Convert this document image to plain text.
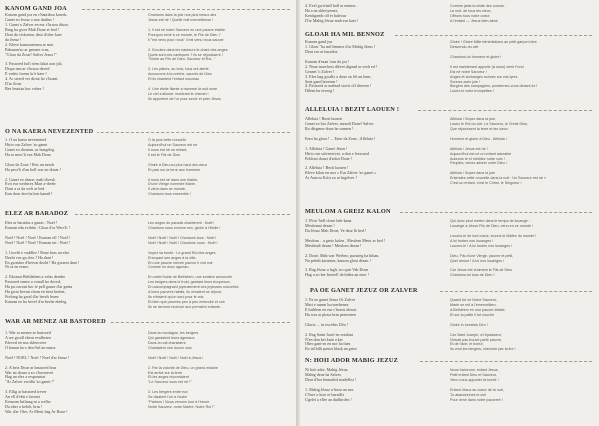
KANOM GAND JOA
Kanom gand joa en c'hantikou karrek,
Ganet eo Jezuz o noz dudius !
1. Ganet o Zalver en eur c'hraou distro,
Brug ha gwer Mab Doue er bed !
Deut da viskoenn, deut d'ober kaer
da Jezuz !
2. Kleve kanaouennou ar mor
Pabanan'zo ar gennez vraz,
"Gloar da Zoue! Salver Jezus !"
3. Pastored holl n'em lakat aon jizl,
Dispa nan ar c'hraou daved
E vedeo lwenn kr'e kaer !
4. Ar stered ver diout ho c'hoant.
D'ar Zoue
Bez leuniaz hor vuhez !
Chantons dans la joie nos plus beaux airs
Jésus est né ! Quelle nuit merveilleuse !
1. Il est né notre Sauveur en une pauvre étable.
Pourquoi venir à ce monde, le Fils de Dieu ?
Il "est venu pour nous" il est venu nous sauver.
2. Ecoutez dans les hauteurs le chant des anges
Quels sont ces cantiques ? ils se réjouissent !
"Gloire au Fils de Dieu, Sauveur et Roi..."
3. Les pâtres, au bois, tous ont alerté
Accourons à la crèche, sauvés de Dieu
Et ils chantent l'enfant nouveau
4. Une étoile filante a traversé la nuit noire
Le ciel s'allume: montrant le chemin !
Ils apportent de l'or pour servir et prier Jésus
O NA KAERA NEVEZENTED
1. O na kaera nevezented
Hirio our Zalver 'zo ganet
Ganet eo dioutan, ur huegeleg
Ha ar merc'h eus Mab Doue
Gloar da Zoue ! Bris an nerzh
Ha peoc'h d'an holl war an douar !
2. Ganet eo abaoe, mab divesk
Evit eur werhtrez Mari a-dreñv
Dont a ra da welt ar bed
Kan dour don ha ken kanañ !
O la plus belle nouvelle
Aujourd'hui un Sauveur est né
Il nous est né un enfant,
Il est le Fils de Dieu
Gloire à Dieu au plus haut des cieux
Et paix sur la terre aux hommes
Il nous est né dans une étable,
D'une Vierge nommée Marie.
Il vient dans ce monde,
Chantons tous ensemble !
ELEZ AR BARADOZ
Elez ar baradoz a ganas : Noel !
Kanom eda evihân : Gloar d'ar Werc'h !
Noel ! Noel ! Noel ! Kanom oll ! Noel !
Noel ! Noel ! Noel ! Kanom ini : Noel !
1. Gwelit e vaddlez ! Roue bras an elez
Dezhi vez gu elez ? Ha dant !
En gwasker d'hervat dezhi ! Ha gwarnt dant !
Ni ra en esaeo.
2. Ekonou Bethlehem a velas dender
Pastored ennez o vonall ho deved,
Ha pa ouvont hor fe pell ganze d'ar genta
Ha gwar bevan chom en hent hezhet,
Frelong ha gwal d'ar berzh leuen
Kanom eo ho hevel d'ar bezhe ebeleg.
Les anges du paradis chantèrent : Noël !
Chantons nous comme eux, gloire à l'étoile !
Noël ! Noël ! Noël ! Chantons tous : Noël !
Noël ! Noël ! Noël ! Chantons nous : Noël !
Voyez sa bonté : Le grand Roi des anges
Envoyant ses anges à la ville,
En une pauvre crèche pauvre il vint voir
Comme un doux agneau.
En cette froide de Bethléem, une lumière annoncée
Les bergers dans le froid, gardant leurs troupeaux,
En accompagnant joyeusement ces joyeuses nouvelles
A leurs pauvres habits, ils venaient se réjouir,
Ils n'étaient qu'un seul pour le voir,
Et bien que pauvres peu à peu entendre et voir
Ils ne devront recevoir aux premiers enfants.
WAR AR MENEZ AR BASTORED
1. War ar menez ar bastored
A ree gwall ebeur evalbeten
Kleved en nos skleroveer
O kanan ha o derc'hel an ennor
Noel ! NOEL ! Noel ! Noel d'ar Jezuz !
2. A beiz Doue ar bastored bras
War an douar a zo c'havonvet
Hag an elez a respountat
"Ar Zalver ewidhi 'zo ganet !"
3. Ellig ar bastored trever
An ell d'ebit e lavaret
Kenzom brilmag ni a welho
Da ober o keloh, bras !
War d'ar Ofer, Ar Mertr bag Ar Roue !
Dans la montagne, les bergers
Qui gardaient leurs agneaux,
Dans la nuit chantaient
Chantaient une douce voix.
Noël ! Noël ! Noël ! Noël à Jésus !
2. Par la volonté de Dieu, un grand miracle
Est arrivé sur la terre
Et les anges répondaient
"Le Sauveur vous est né !"
3. Les bergers entre eux
Se disaient l'un à l'autre
"Partons ! Nous verrons tout à l'heure
Notre Sauveur, notre Maître, Notre Roi !"
4. Evel gwichall holl ar menou.
Ha a ne skleriyenez,
Kenitgomb oll er baleour
D'ar Mabig Jézuz mab eur kaer !
Comme jadis la visite des coeurs.
La nuit, de tous les cieux,
Offrons tous notre coeur
A l'enfant — Jésus bien-aimé.
GLOAR HA MIL BENNOZ
Kanom gand joa
1. Gloar "ha mil bennoz d'ar Mabig Jézus !
Deut eur ar baradoz
Kanom d'ezan 'oan da joa !
2. Neuz marchost dièvet digand ar vezh ed !
Geanet 'o Zalver !
3. Elez hag gwallz a doue zo fêt an lenn ,
Sont gand laveenn !
4. Pastored ar melzad stovit oll direzen !
Dilent hu teveeg !
Gloire ! Gloire Mille bénédictions au petit garçon béni
Descendu du ciel
Chantons-lui honneur et gloire !
Il est maintenant apporté (à nous) venir Fond
Est né notre Sauveur !
Anges et archanges sonnez sur vos lyres
Sonnez avec joie !
Bergers des campagnes, prosternez-vous devant lui !
Louez-le votre trompettes !
ALLELUIA ! BEZIT LAOUEN !
Alleluia ! Bezit laouen
Ganet eo hor Zalver, mezult Doue! Salver.
Ra dèigeme doue he sonnen ! .
Enot ha gloar ! ... Enor da Zoue , Alleluia !
1. Alleluia ! Ganet Jézus !
Hirio our salvenivvet, a don e leveraod
Poblont donzi d'adiot Doue !
2. Alleluia ! Bezit laouen !
Kleve kilon en noz « Eur Zalver 'zo ganet »
Ar Autrou Krist zo ar lugelver !
Alléluia ! Soyez dans la joie,
Louez le Roi du ciel. Le Sauveur, le Christ Dieu,
Que réjouissent la terre et les cieux
Honneur et gloire à Dieu , Alléluia !
Alléluia ! Jésus est né !
Aujourd'hui est né un enfant adorable
Adorons le et méditez notre voix !
Peuples, venez adorer votre Dieu !
Alléluia ! Soyez dans la joie
Entendez cette nouvelle dans la nuit : Un Sauveur est né »
C'est un enfant, c'est le Christ, le Seigneur !
MEULOM A GREIZ KALON
1. Flow 'bell clone beh-kana
Meulomai dezan !
Da Jézuz Mab Doue, Ve deur & bed !
Meulom .. a greiz kalon , Meulom Mestr ar bed !
Meuleudi dezan ! Meulom dezan !
2. Doué, Mab war Werbez, paoureg ha bihan,
Na pebeh karantez, kanom gloat dezan !
3. Rag Jézuz a laglt, tro quir Vab Doue
Hag a zo ker berred! de bidez an enor !
Qui donc peut mettre dans le temps de louange :
Louange à Jésus Fils de Dieu, venu en ce monde !
Louons-le de tout coeur, louons le Maître du monde !
A lui toutes nos louanges !
Louons-le ! A lui toutes nos louanges !
Dieu, Fils d'une Vierge, pauvre et petit,
Quel amour ! A lui nos louanges !
Car Jésus est vraiment le Fils de Dieu
Chantons-lui tous de Dieu !
PA OE GANET JEZUZ OR ZALVER
1. Pa oe ganet Jezuz Or Zalver
Mari e ramm hu merhenez
E brihlem en eur c'hraou diourt.
Ha war ar plouz bras penvenen
Glorix ... in excelsis Déo !
2. Rag Saint Josef en ortalant
N'en don ket kant a ker
Ober gant-ez en nor ha tùez
En tal bilh pastor klask an griez
Quand fut né Notre Sauveur,
Marie se mit à l'émerveillem.
A Bethléem en une pauvre étable,
Et sur la paille Il fut couché
Gloire in excelsis Déo !
Car Saint Joseph, à l'épaisseur,
N'avait pas trouvé partir pauvre,
Et de l'âne, le boeuf,
Ils vont les bergers, chercher par la lire !
N: HOII ADOR MABIG JEZUZ
Ni hoii ador, Mabig Jézuz,
Mabig deuz ha Salver,
Deut d'hor hemailed madellez !
1. Mabig Jézuz o-keza an nos
C'hwe o kiez er baradhi
Ugelet a eller an dudhirdez !
Nous t'adorons, enfant Jésus,
Petit enfant Dieu et Sauveur,
Venu nous apporter ta bonté !
Enfant Jésus au coeur de la nuit,
Tu abandonnes le ciel
Pour venir dans notre pauvreté !
